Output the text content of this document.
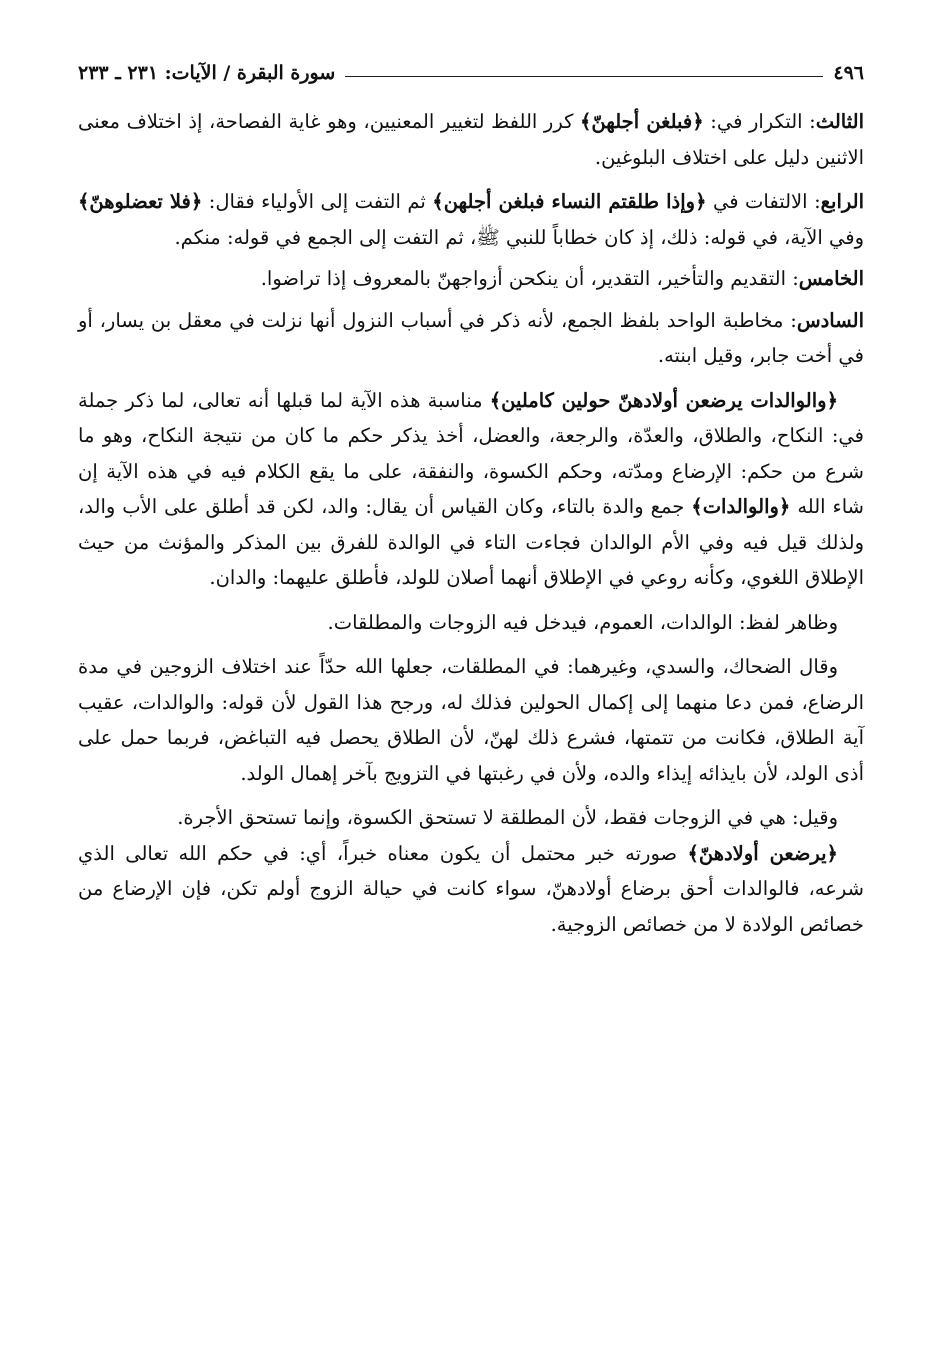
٤٩٦
سورة البقرة / الآيات: ٢٣١ ـ ٢٣٣

الثالث: التكرار في: ﴿فبلغن أجلهنّ﴾ كرر اللفظ لتغيير المعنيين، وهو غاية الفصاحة، إذ اختلاف معنى الاثنين دليل على اختلاف البلوغين.

الرابع: الالتفات في ﴿وإذا طلقتم النساء فبلغن أجلهن﴾ ثم التفت إلى الأولياء فقال: ﴿فلا تعضلوهنّ﴾ وفي الآية، في قوله: ذلك، إذ كان خطاباً للنبي ﷺ، ثم التفت إلى الجمع في قوله: منكم.

الخامس: التقديم والتأخير، التقدير، أن ينكحن أزواجهنّ بالمعروف إذا تراضوا.

السادس: مخاطبة الواحد بلفظ الجمع، لأنه ذكر في أسباب النزول أنها نزلت في معقل بن يسار، أو في أخت جابر، وقيل ابنته.

﴿والوالدات يرضعن أولادهنّ حولين كاملين﴾ مناسبة هذه الآية لما قبلها أنه تعالى، لما ذكر جملة في: النكاح، والطلاق، والعدّة، والرجعة، والعضل، أخذ يذكر حكم ما كان من نتيجة النكاح، وهو ما شرع من حكم: الإرضاع ومدّته، وحكم الكسوة، والنفقة، على ما يقع الكلام فيه في هذه الآية إن شاء الله ﴿والوالدات﴾ جمع والدة بالتاء، وكان القياس أن يقال: والد، لكن قد أطلق على الأب والد، ولذلك قيل فيه وفي الأم الوالدان فجاءت التاء في الوالدة للفرق بين المذكر والمؤنث من حيث الإطلاق اللغوي، وكأنه روعي في الإطلاق أنهما أصلان للولد، فأطلق عليهما: والدان.

وظاهر لفظ: الوالدات، العموم، فيدخل فيه الزوجات والمطلقات.

وقال الضحاك، والسدي، وغيرهما: في المطلقات، جعلها الله حدّاً عند اختلاف الزوجين في مدة الرضاع، فمن دعا منهما إلى إكمال الحولين فذلك له، ورجح هذا القول لأن قوله: والوالدات، عقيب آية الطلاق، فكانت من تتمتها، فشرع ذلك لهنّ، لأن الطلاق يحصل فيه التباغض، فربما حمل على أذى الولد، لأن بايذائه إيذاء والده، ولأن في رغبتها في التزويج بآخر إهمال الولد.

وقيل: هي في الزوجات فقط، لأن المطلقة لا تستحق الكسوة، وإنما تستحق الأجرة.

﴿يرضعن أولادهنّ﴾ صورته خبر محتمل أن يكون معناه خبراً، أي: في حكم الله تعالى الذي شرعه، فالوالدات أحق برضاع أولادهنّ، سواء كانت في حيالة الزوج أولم تكن، فإن الإرضاع من خصائص الولادة لا من خصائص الزوجية.
